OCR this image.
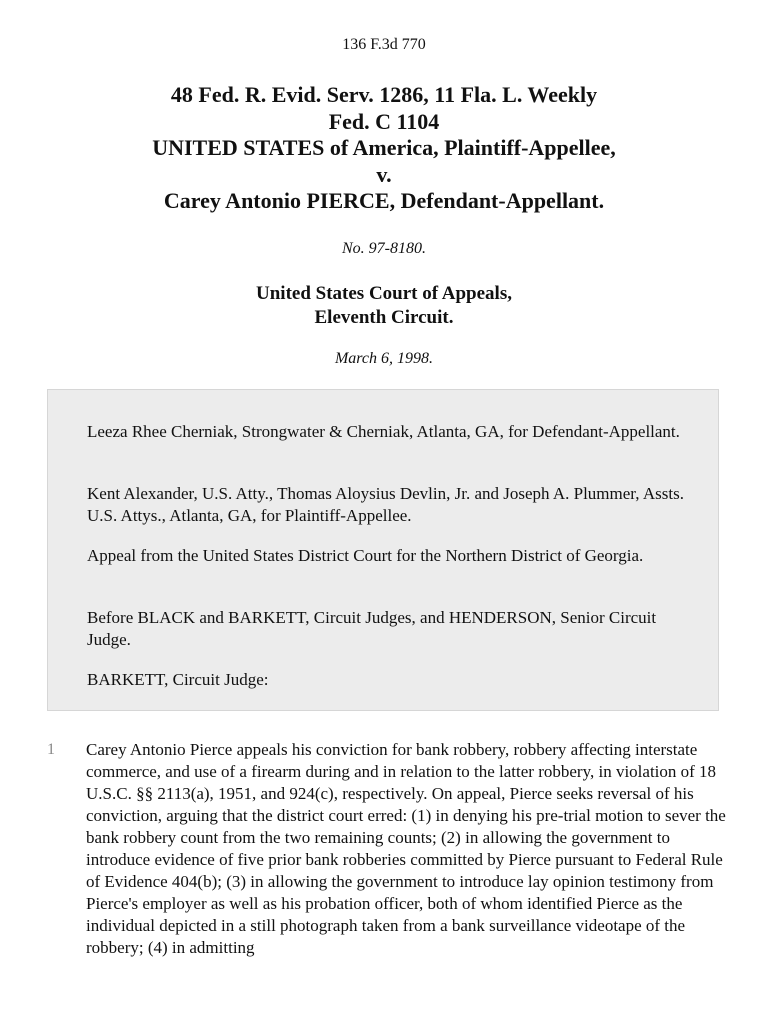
136 F.3d 770
48 Fed. R. Evid. Serv. 1286, 11 Fla. L. Weekly
Fed. C 1104
UNITED STATES of America, Plaintiff-Appellee,
v.
Carey Antonio PIERCE, Defendant-Appellant.
No. 97-8180.
United States Court of Appeals,
Eleventh Circuit.
March 6, 1998.
Leeza Rhee Cherniak, Strongwater & Cherniak, Atlanta, GA, for Defendant-Appellant.
Kent Alexander, U.S. Atty., Thomas Aloysius Devlin, Jr. and Joseph A. Plummer, Assts. U.S. Attys., Atlanta, GA, for Plaintiff-Appellee.
Appeal from the United States District Court for the Northern District of Georgia.
Before BLACK and BARKETT, Circuit Judges, and HENDERSON, Senior Circuit Judge.
BARKETT, Circuit Judge:
1 Carey Antonio Pierce appeals his conviction for bank robbery, robbery affecting interstate commerce, and use of a firearm during and in relation to the latter robbery, in violation of 18 U.S.C. §§ 2113(a), 1951, and 924(c), respectively. On appeal, Pierce seeks reversal of his conviction, arguing that the district court erred: (1) in denying his pre-trial motion to sever the bank robbery count from the two remaining counts; (2) in allowing the government to introduce evidence of five prior bank robberies committed by Pierce pursuant to Federal Rule of Evidence 404(b); (3) in allowing the government to introduce lay opinion testimony from Pierce's employer as well as his probation officer, both of whom identified Pierce as the individual depicted in a still photograph taken from a bank surveillance videotape of the robbery; (4) in admitting
